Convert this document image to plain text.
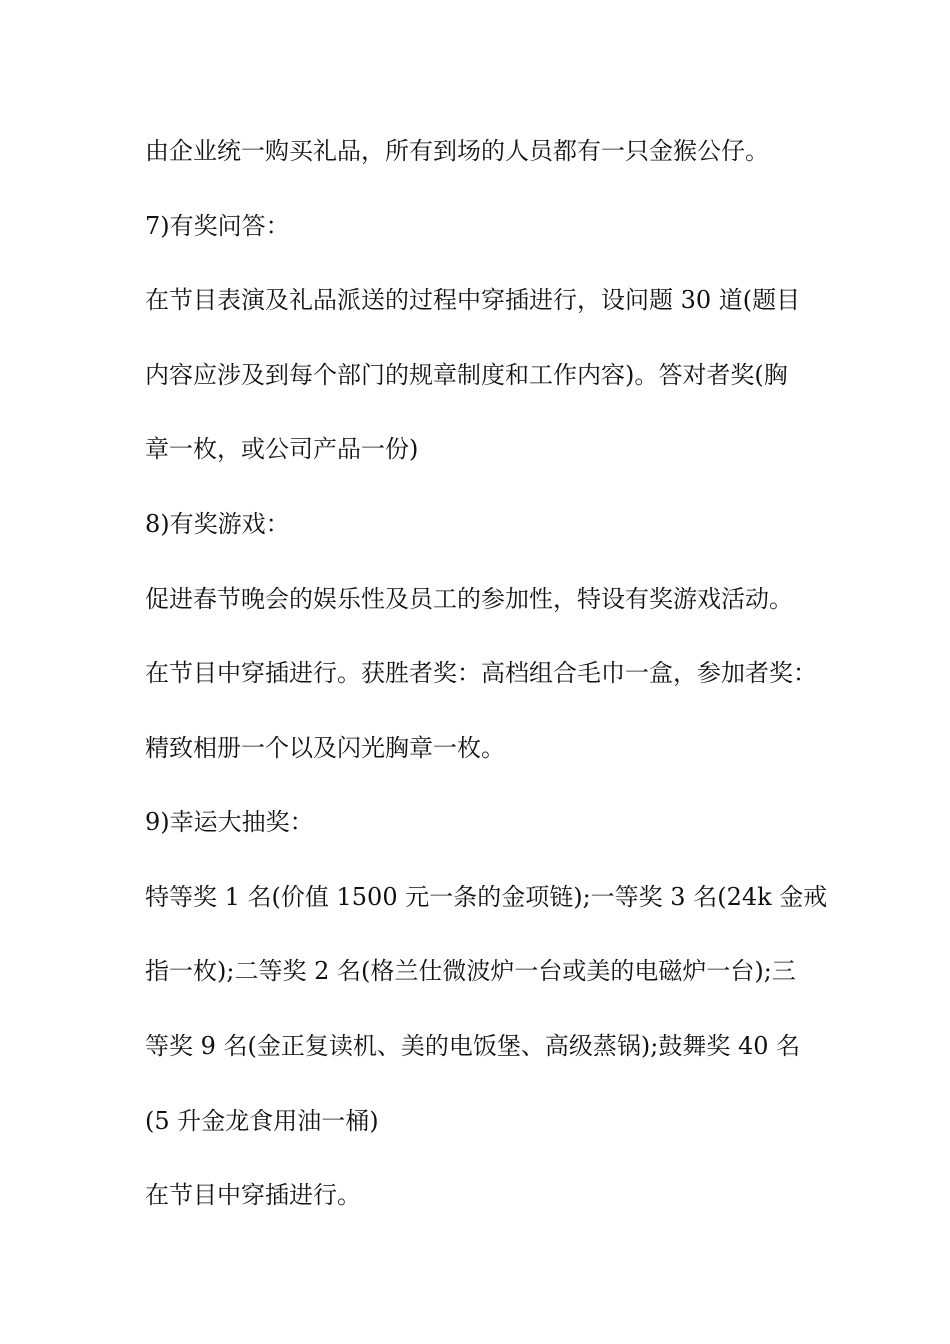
由企业统一购买礼品，所有到场的人员都有一只金猴公仔。
7)有奖问答：
在节目表演及礼品派送的过程中穿插进行，设问题 30 道(题目
内容应涉及到每个部门的规章制度和工作内容)。答对者奖(胸
章一枚，或公司产品一份)
8)有奖游戏：
促进春节晚会的娱乐性及员工的参加性，特设有奖游戏活动。
在节目中穿插进行。获胜者奖：高档组合毛巾一盒，参加者奖：
精致相册一个以及闪光胸章一枚。
9)幸运大抽奖：
特等奖 1 名(价值 1500 元一条的金项链);一等奖 3 名(24k 金戒
指一枚);二等奖 2 名(格兰仕微波炉一台或美的电磁炉一台);三
等奖 9 名(金正复读机、美的电饭堡、高级蒸锅);鼓舞奖 40 名
(5 升金龙食用油一桶)
在节目中穿插进行。
